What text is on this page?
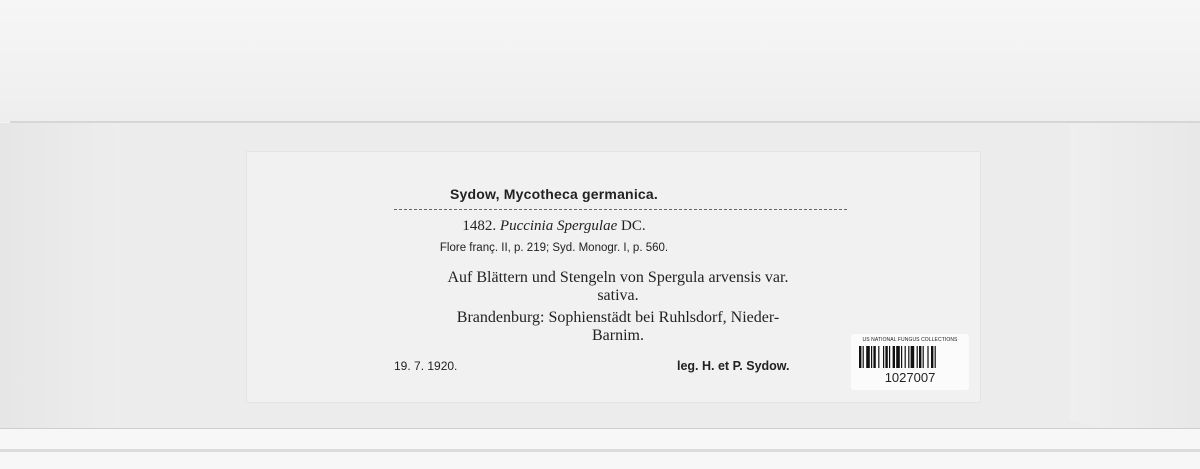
Sydow, Mycotheca germanica.
1482. Puccinia Spergulae DC.
Flore franç. II, p. 219; Syd. Monogr. I, p. 560.
Auf Blättern und Stengeln von Spergula arvensis var.
sativa.
Brandenburg: Sophienstädt bei Ruhlsdorf, Nieder-
Barnim.
19. 7. 1920.	leg. H. et P. Sydow.
US NATIONAL FUNGUS COLLECTIONS
1027007
